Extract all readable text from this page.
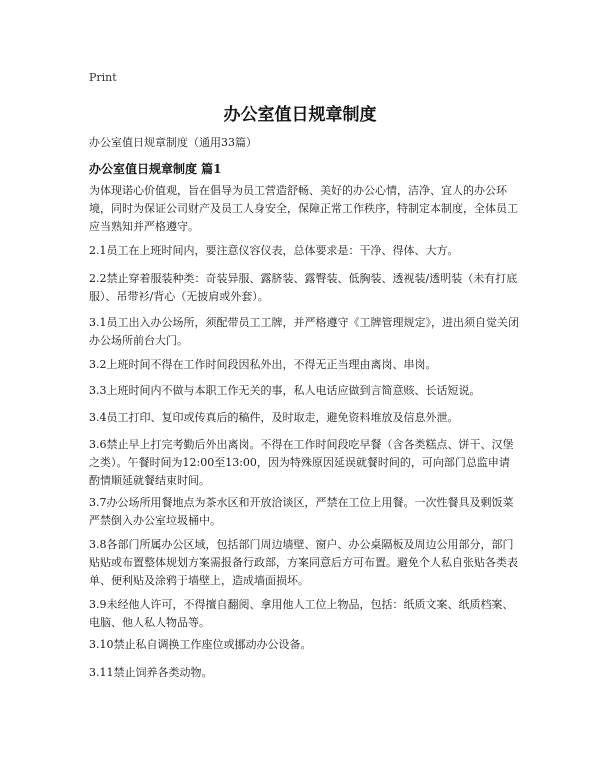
Print
办公室值日规章制度
办公室值日规章制度（通用33篇）
办公室值日规章制度 篇1
为体现诺心价值观，旨在倡导为员工营造舒畅、美好的办公心情，洁净、宜人的办公环境，同时为保证公司财产及员工人身安全，保障正常工作秩序，特制定本制度，全体员工应当熟知并严格遵守。
2.1员工在上班时间内，要注意仪容仪表，总体要求是：干净、得体、大方。
2.2禁止穿着服装种类：奇装异服、露脐装、露臀装、低胸装、透视装/透明装（未有打底服）、吊带衫/背心（无披肩或外套）。
3.1员工出入办公场所，须配带员工工牌，并严格遵守《工牌管理规定》，进出须自觉关闭办公场所前台大门。
3.2上班时间不得在工作时间段因私外出，不得无正当理由离岗、串岗。
3.3上班时间内不做与本职工作无关的事，私人电话应做到言简意赅、长话短说。
3.4员工打印、复印或传真后的稿件，及时取走，避免资料堆放及信息外泄。
3.6禁止早上打完考勤后外出离岗。不得在工作时间段吃早餐（含各类糕点、饼干、汉堡之类）。午餐时间为12:00至13:00，因为特殊原因延误就餐时间的，可向部门总监申请酌情顺延就餐结束时间。
3.7办公场所用餐地点为茶水区和开放洽谈区，严禁在工位上用餐。一次性餐具及剩饭菜严禁倒入办公室垃圾桶中。
3.8各部门所属办公区域，包括部门周边墙壁、窗户、办公桌隔板及周边公用部分，部门贴贴或布置整体规划方案需报备行政部，方案同意后方可布置。避免个人私自张贴各类表单、便利贴及涂鸦于墙壁上，造成墙面损坏。
3.9未经他人许可，不得擅自翻阅、拿用他人工位上物品，包括：纸质文案、纸质档案、电脑、他人私人物品等。
3.10禁止私自调换工作座位或挪动办公设备。
3.11禁止饲养各类动物。
